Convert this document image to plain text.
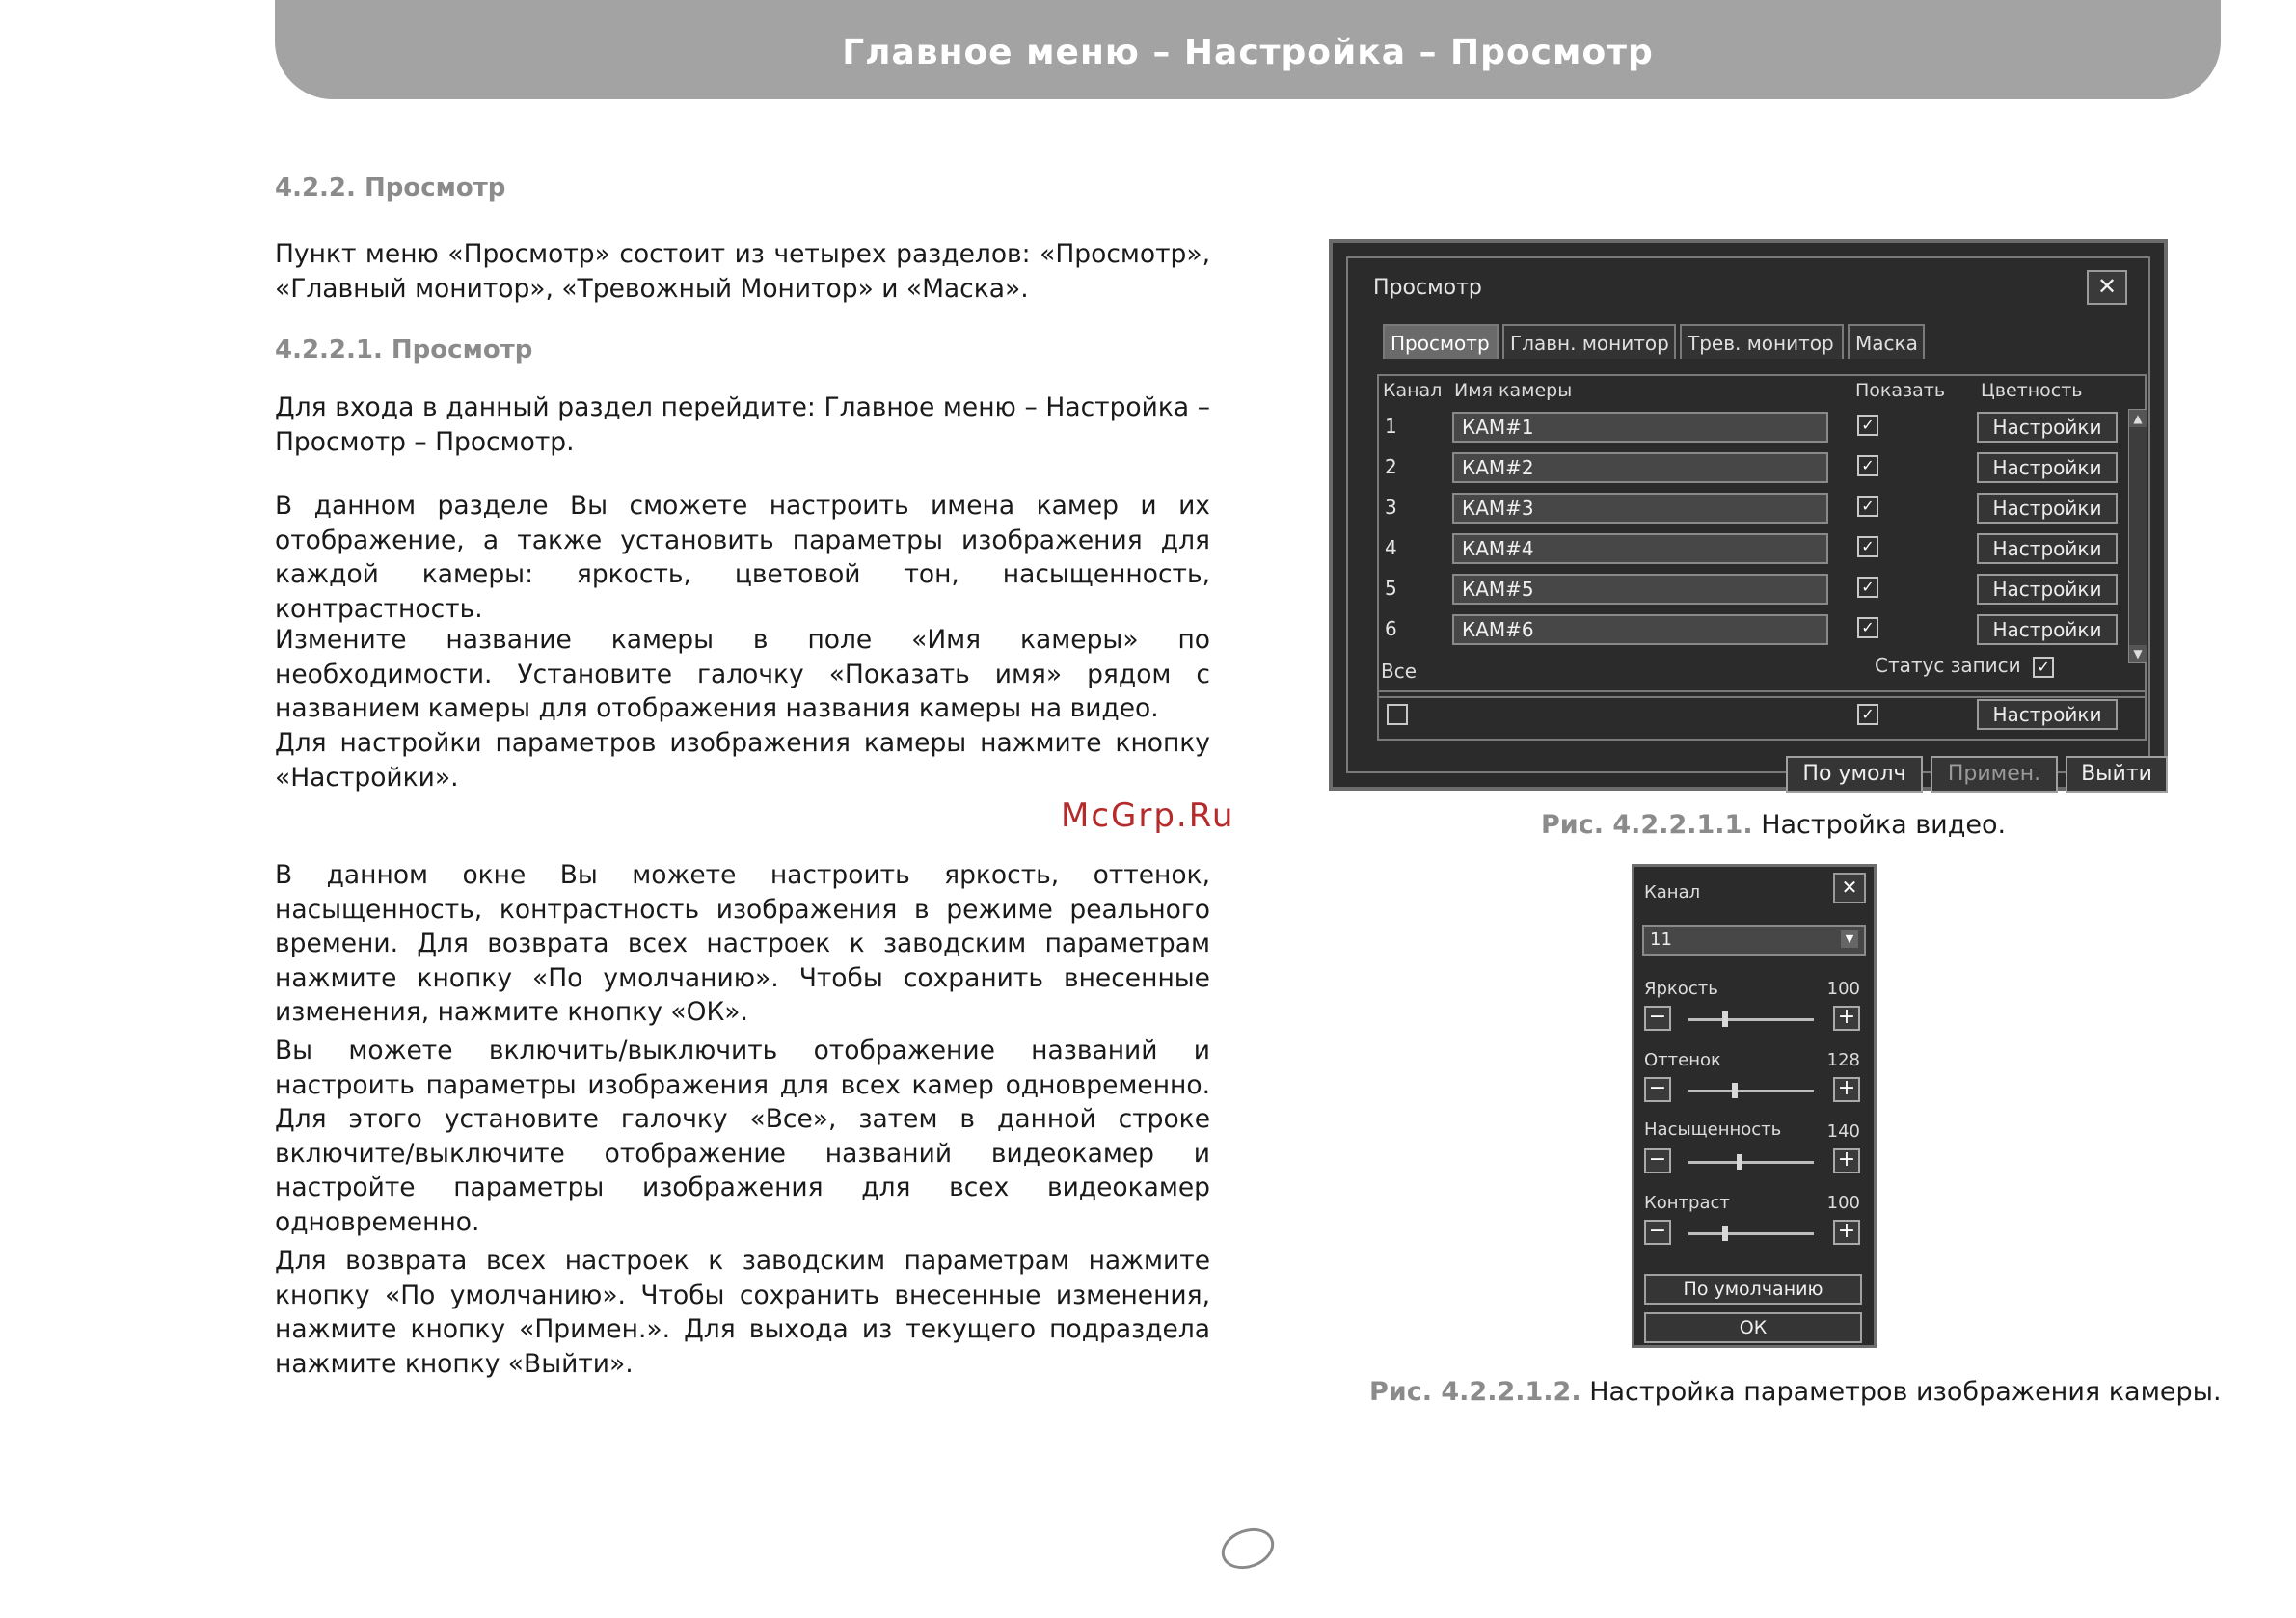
Главное меню – Настройка – Просмотр
4.2.2. Просмотр

Пункт меню «Просмотр» состоит из четырех разделов: «Просмотр», «Главный монитор», «Тревожный Монитор» и «Маска».

4.2.2.1. Просмотр

Для входа в данный раздел перейдите: Главное меню – Настройка – Просмотр – Просмотр.

В данном разделе Вы сможете настроить имена камер и их отображение, а также установить параметры изображения для каждой камеры: яркость, цветовой тон, насыщенность, контрастность.

Измените название камеры в поле «Имя камеры» по необходимости. Установите галочку «Показать имя» рядом с названием камеры для отображения названия камеры на видео.

Для настройки параметров изображения камеры нажмите кнопку «Настройки».

В данном окне Вы можете настроить яркость, оттенок, насыщенность, контрастность изображения в режиме реального времени. Для возврата всех настроек к заводским параметрам нажмите кнопку «По умолчанию». Чтобы сохранить внесенные изменения, нажмите кнопку «ОК».

Вы можете включить/выключить отображение названий и настроить параметры изображения для всех камер одновременно. Для этого установите галочку «Все», затем в данной строке включите/выключите отображение названий видеокамер и настройте параметры изображения для всех видеокамер одновременно.

Для возврата всех настроек к заводским параметрам нажмите кнопку «По умолчанию». Чтобы сохранить внесенные изменения, нажмите кнопку «Примен.». Для выхода из текущего подраздела нажмите кнопку «Выйти».

Просмотр	✕
Просмотр	Главн. монитор Трев. монитор	Маска
Канал Имя камеры	Показать Цветность
1	КАМ#1	✓	Настройки
2	КАМ#2	✓	Настройки
3	КАМ#3	✓	Настройки
4	КАМ#4	✓	Настройки
5	КАМ#5	✓	Настройки
6	КАМ#6	✓	Настройки
▲
▼
Все	Статус записи ✓
✓	Настройки
По умолч	Примен.	Выйти
Рис. 4.2.2.1.1. Настройка видео.
McGrp.Ru
✕
Канал
11	▼
Яркость	100
−	+
Оттенок	128
−	+
Насыщенность	140
−	+
Контраст	100
−	+
По умолчанию
ОК
Рис. 4.2.2.1.2. Настройка параметров изображения камеры.
